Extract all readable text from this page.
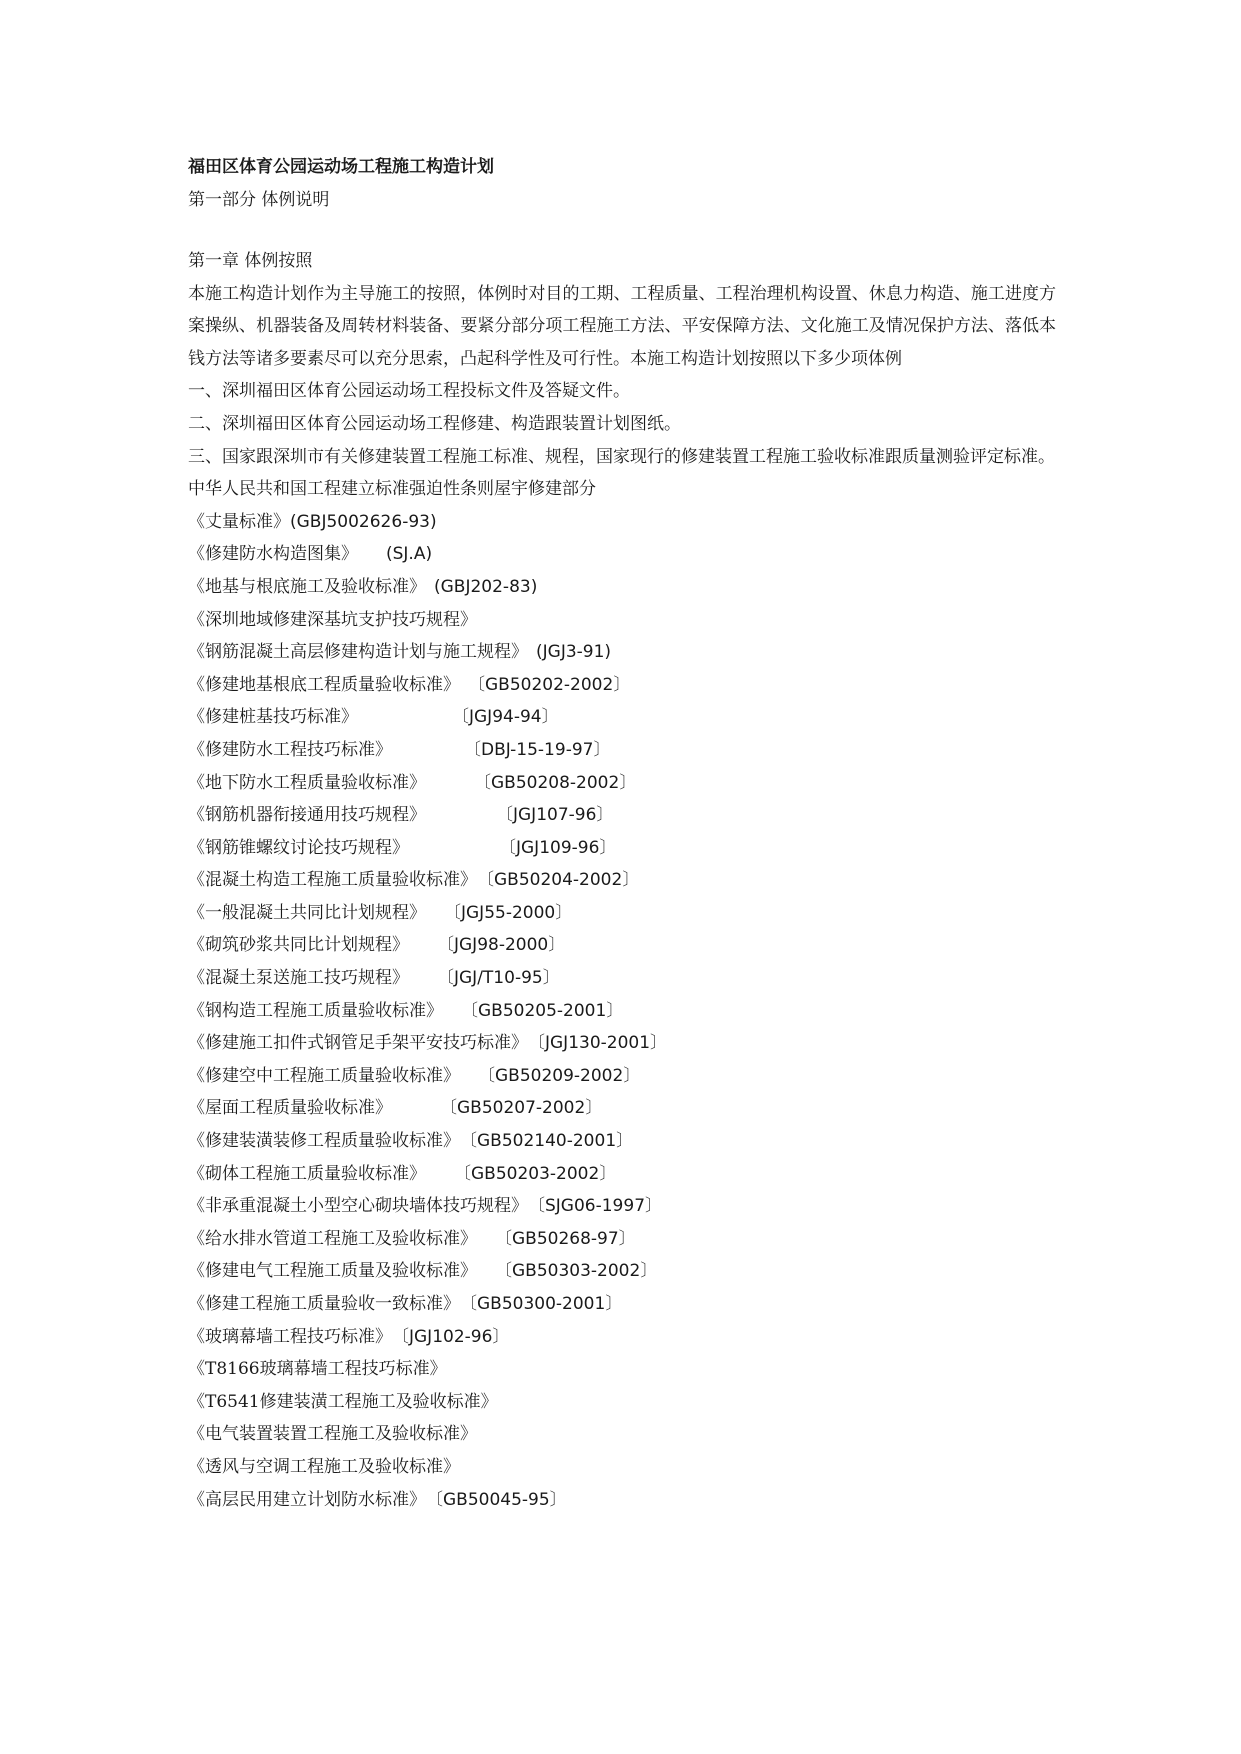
福田区体育公园运动场工程施工构造计划

第一部分 体例说明

第一章 体例按照

本施工构造计划作为主导施工的按照，体例时对目的工期、工程质量、工程治理机构设置、休息力构造、施工进度方案操纵、机器装备及周转材料装备、要紧分部分项工程施工方法、平安保障方法、文化施工及情况保护方法、落低本钱方法等诸多要素尽可以充分思索，凸起科学性及可行性。本施工构造计划按照以下多少项体例

一、深圳福田区体育公园运动场工程投标文件及答疑文件。

二、深圳福田区体育公园运动场工程修建、构造跟装置计划图纸。

三、国家跟深圳市有关修建装置工程施工标准、规程，国家现行的修建装置工程施工验收标准跟质量测验评定标准。

中华人民共和国工程建立标准强迫性条则屋宇修建部分

《丈量标准》(GBJ5002626-93)

《修建防水构造图集》 (SJ.A)

《地基与根底施工及验收标准》 (GBJ202-83)

《深圳地域修建深基坑支护技巧规程》

《钢筋混凝土高层修建构造计划与施工规程》 (JGJ3-91)

《修建地基根底工程质量验收标准》 〔GB50202-2002〕

《修建桩基技巧标准》	〔JGJ94-94〕

《修建防水工程技巧标准》	〔DBJ-15-19-97〕

《地下防水工程质量验收标准》	〔GB50208-2002〕

《钢筋机器衔接通用技巧规程》	〔JGJ107-96〕

《钢筋锥螺纹讨论技巧规程》	〔JGJ109-96〕

《混凝土构造工程施工质量验收标准》〔GB50204-2002〕

《一般混凝土共同比计划规程》 〔JGJ55-2000〕

《砌筑砂浆共同比计划规程》 〔JGJ98-2000〕

《混凝土泵送施工技巧规程》 〔JGJ/T10-95〕

《钢构造工程施工质量验收标准》 〔GB50205-2001〕

《修建施工扣件式钢管足手架平安技巧标准》〔JGJ130-2001〕

《修建空中工程施工质量验收标准》 〔GB50209-2002〕

《屋面工程质量验收标准》	〔GB50207-2002〕

《修建装潢装修工程质量验收标准》〔GB502140-2001〕

《砌体工程施工质量验收标准》 〔GB50203-2002〕

《非承重混凝土小型空心砌块墙体技巧规程》〔SJG06-1997〕

《给水排水管道工程施工及验收标准》 〔GB50268-97〕

《修建电气工程施工质量及验收标准》 〔GB50303-2002〕

《修建工程施工质量验收一致标准》〔GB50300-2001〕

《玻璃幕墙工程技巧标准》〔JGJ102-96〕

《T8166玻璃幕墙工程技巧标准》

《T6541修建装潢工程施工及验收标准》

《电气装置装置工程施工及验收标准》

《透风与空调工程施工及验收标准》

《高层民用建立计划防水标准》〔GB50045-95〕
